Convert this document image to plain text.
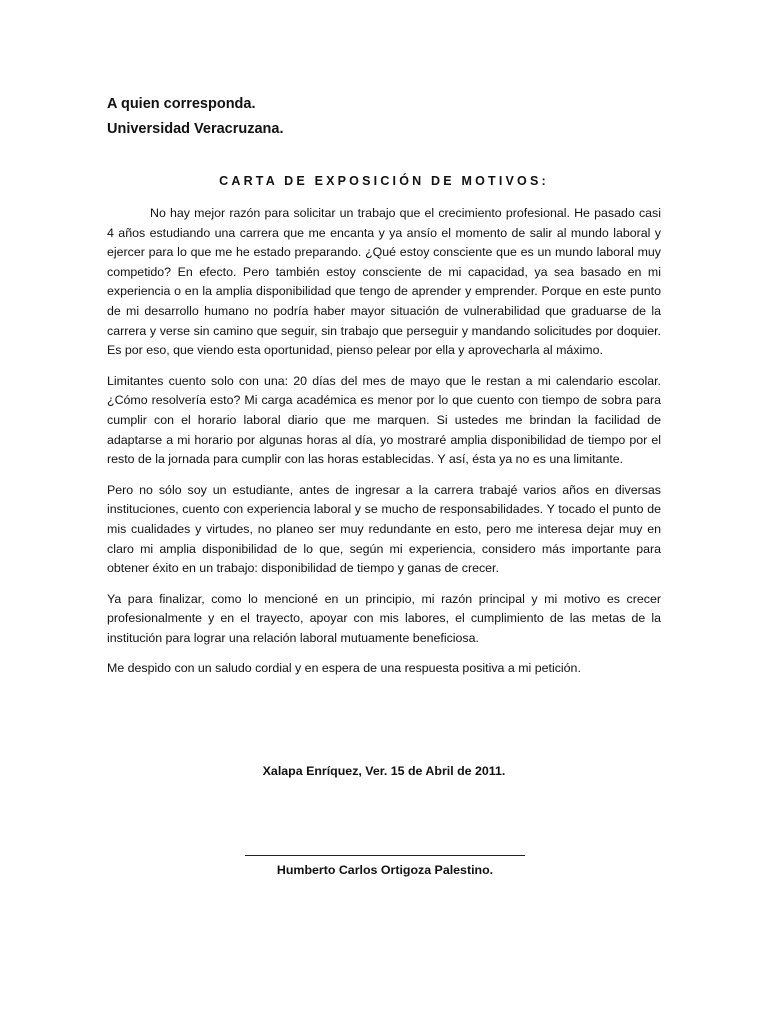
A quien corresponda.
Universidad Veracruzana.
CARTA DE EXPOSICIÓN DE MOTIVOS:

No hay mejor razón para solicitar un trabajo que el crecimiento profesional. He pasado casi 4 años estudiando una carrera que me encanta y ya ansío el momento de salir al mundo laboral y ejercer para lo que me he estado preparando. ¿Qué estoy consciente que es un mundo laboral muy competido? En efecto. Pero también estoy consciente de mi capacidad, ya sea basado en mi experiencia o en la amplia disponibilidad que tengo de aprender y emprender. Porque en este punto de mi desarrollo humano no podría haber mayor situación de vulnerabilidad que graduarse de la carrera y verse sin camino que seguir, sin trabajo que perseguir y mandando solicitudes por doquier. Es por eso, que viendo esta oportunidad, pienso pelear por ella y aprovecharla al máximo.

Limitantes cuento solo con una: 20 días del mes de mayo que le restan a mi calendario escolar. ¿Cómo resolvería esto? Mi carga académica es menor por lo que cuento con tiempo de sobra para cumplir con el horario laboral diario que me marquen. Si ustedes me brindan la facilidad de adaptarse a mi horario por algunas horas al día, yo mostraré amplia disponibilidad de tiempo por el resto de la jornada para cumplir con las horas establecidas. Y así, ésta ya no es una limitante.

Pero no sólo soy un estudiante, antes de ingresar a la carrera trabajé varios años en diversas instituciones, cuento con experiencia laboral y se mucho de responsabilidades. Y tocado el punto de mis cualidades y virtudes, no planeo ser muy redundante en esto, pero me interesa dejar muy en claro mi amplia disponibilidad de lo que, según mi experiencia, considero más importante para obtener éxito en un trabajo: disponibilidad de tiempo y ganas de crecer.

Ya para finalizar, como lo mencioné en un principio, mi razón principal y mi motivo es crecer profesionalmente y en el trayecto, apoyar con mis labores, el cumplimiento de las metas de la institución para lograr una relación laboral mutuamente beneficiosa.

Me despido con un saludo cordial y en espera de una respuesta positiva a mi petición.

Xalapa Enríquez, Ver. 15 de Abril de 2011.
Humberto Carlos Ortigoza Palestino.
